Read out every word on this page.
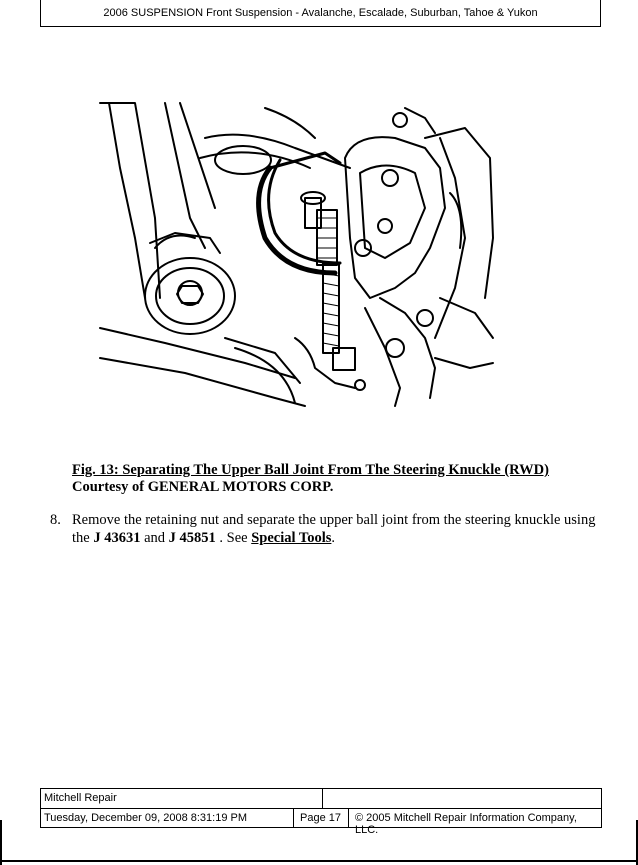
2006 SUSPENSION Front Suspension - Avalanche, Escalade, Suburban, Tahoe & Yukon
Fig. 13: Separating The Upper Ball Joint From The Steering Knuckle (RWD)
Courtesy of GENERAL MOTORS CORP.
8. Remove the retaining nut and separate the upper ball joint from the steering knuckle using the J 43631 and J 45851 . See Special Tools.
Mitchell Repair
Tuesday, December 09, 2008 8:31:19 PM	Page 17	© 2005 Mitchell Repair Information Company, LLC.
